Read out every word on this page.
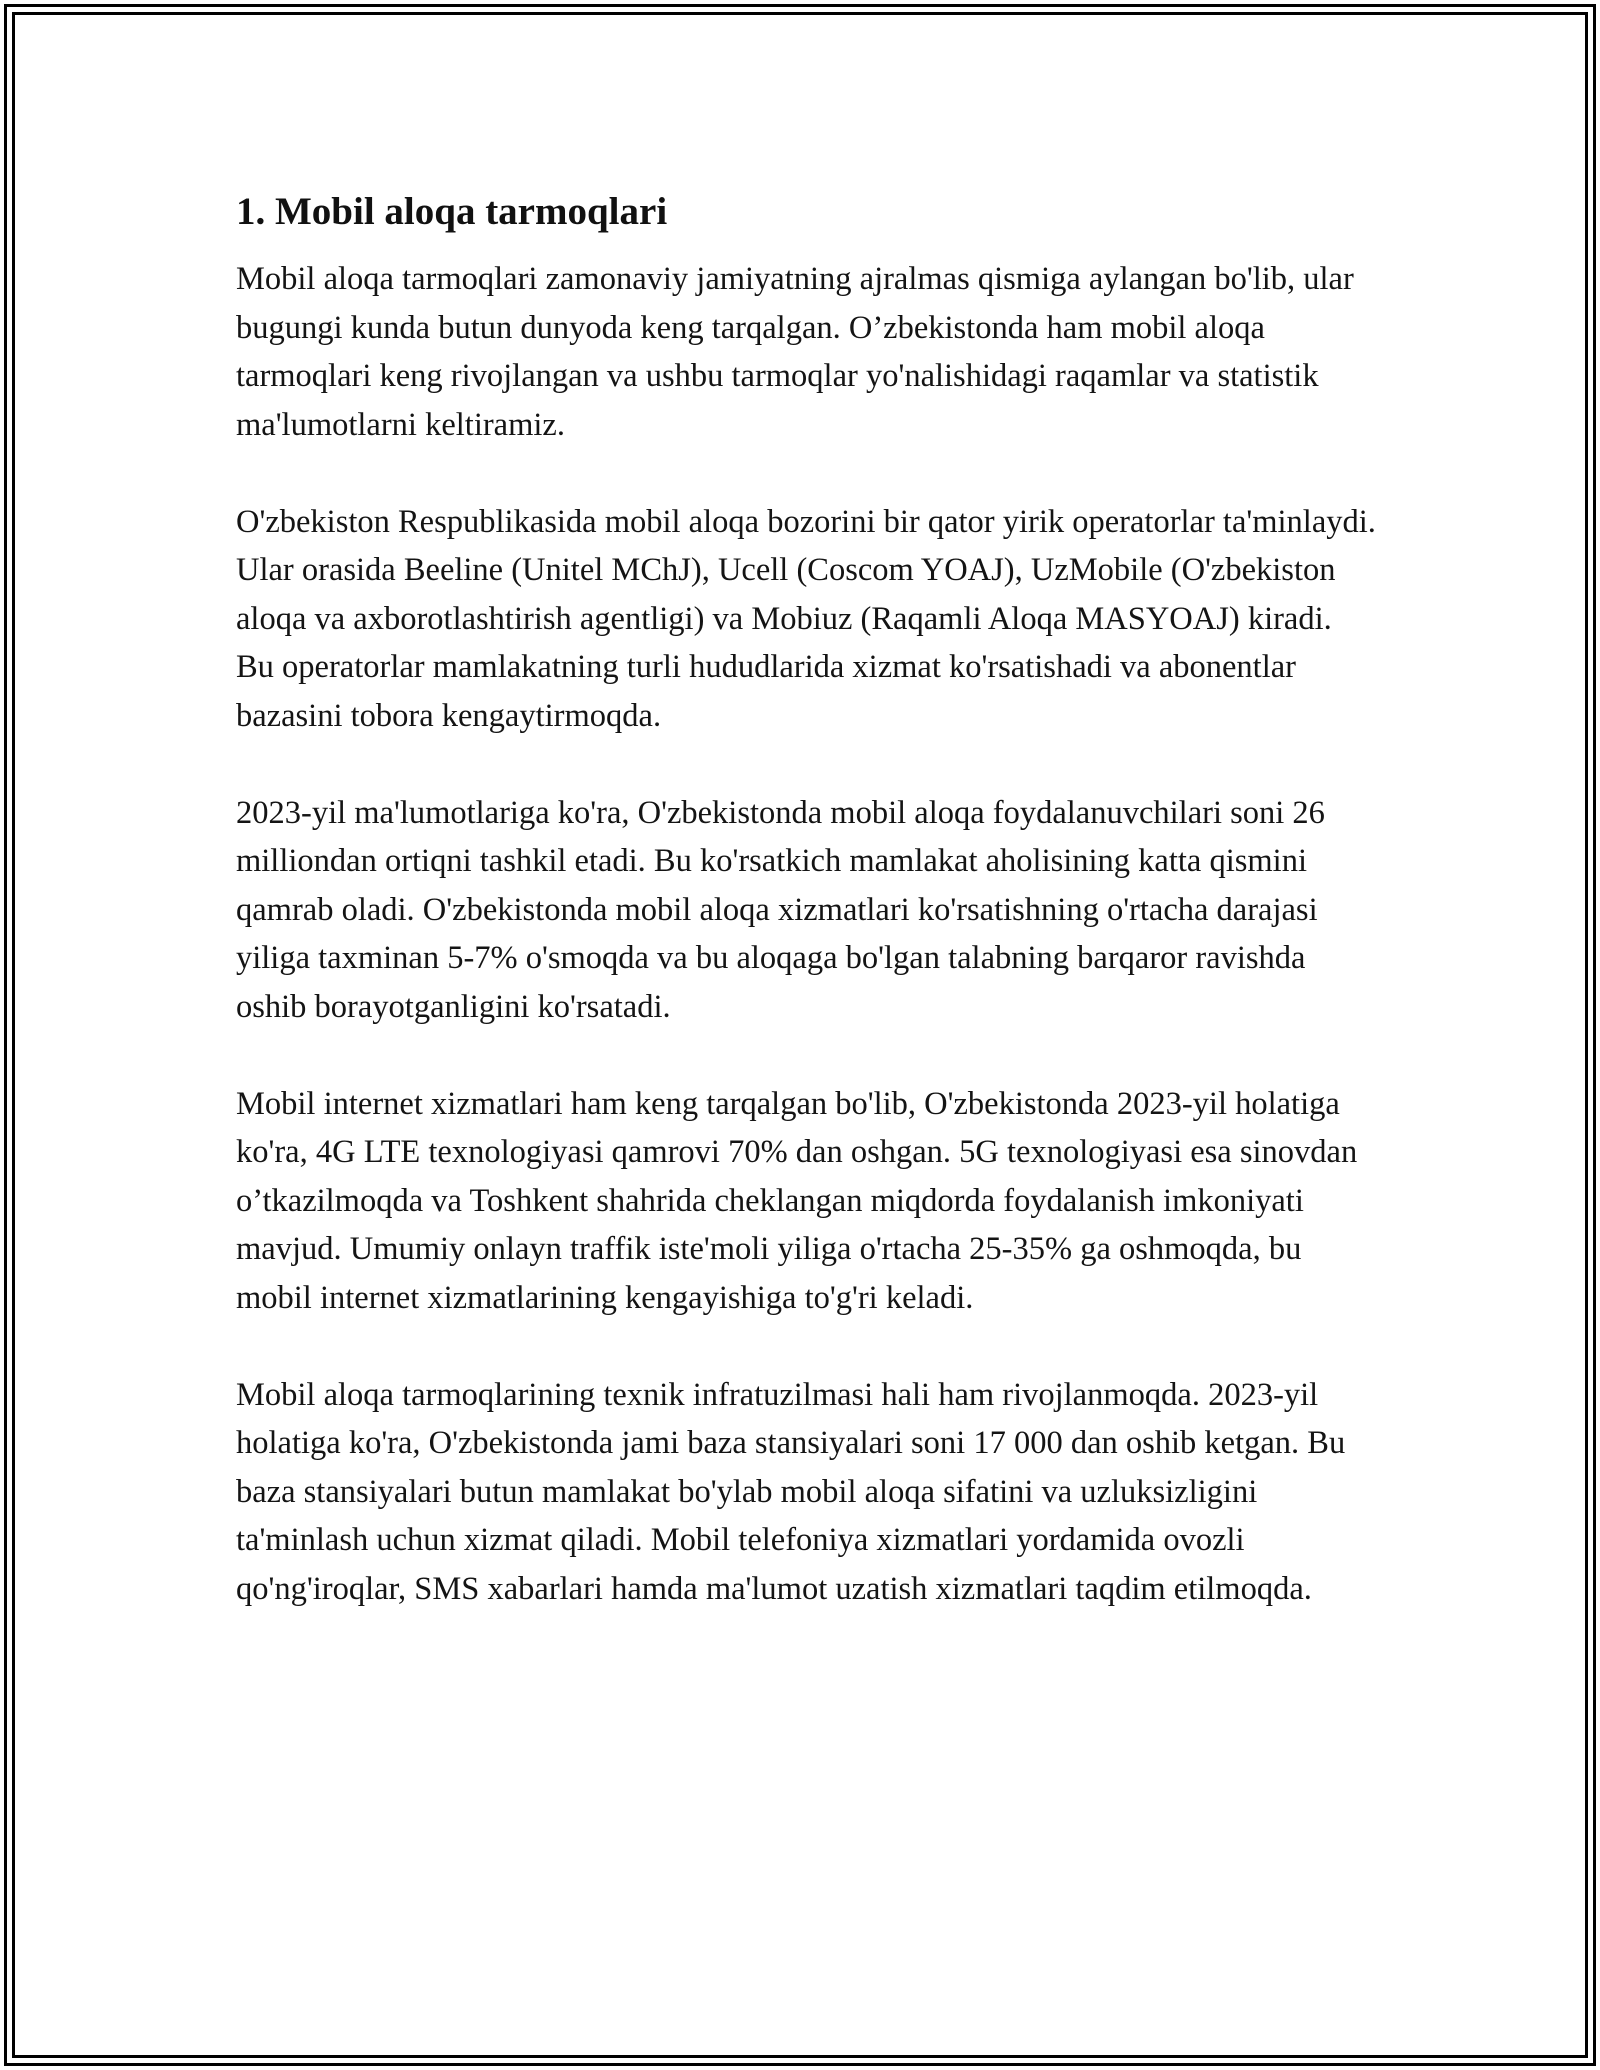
1. Mobil aloqa tarmoqlari

Mobil aloqa tarmoqlari zamonaviy jamiyatning ajralmas qismiga aylangan bo'lib, ular bugungi kunda butun dunyoda keng tarqalgan. O’zbekistonda ham mobil aloqa tarmoqlari keng rivojlangan va ushbu tarmoqlar yo'nalishidagi raqamlar va statistik ma'lumotlarni keltiramiz.

O'zbekiston Respublikasida mobil aloqa bozorini bir qator yirik operatorlar ta'minlaydi. Ular orasida Beeline (Unitel MChJ), Ucell (Coscom YOAJ), UzMobile (O'zbekiston aloqa va axborotlashtirish agentligi) va Mobiuz (Raqamli Aloqa MASYOAJ) kiradi. Bu operatorlar mamlakatning turli hududlarida xizmat ko'rsatishadi va abonentlar bazasini tobora kengaytirmoqda.

2023-yil ma'lumotlariga ko'ra, O'zbekistonda mobil aloqa foydalanuvchilari soni 26 milliondan ortiqni tashkil etadi. Bu ko'rsatkich mamlakat aholisining katta qismini qamrab oladi. O'zbekistonda mobil aloqa xizmatlari ko'rsatishning o'rtacha darajasi yiliga taxminan 5-7% o'smoqda va bu aloqaga bo'lgan talabning barqaror ravishda oshib borayotganligini ko'rsatadi.

Mobil internet xizmatlari ham keng tarqalgan bo'lib, O'zbekistonda 2023-yil holatiga ko'ra, 4G LTE texnologiyasi qamrovi 70% dan oshgan. 5G texnologiyasi esa sinovdan o’tkazilmoqda va Toshkent shahrida cheklangan miqdorda foydalanish imkoniyati mavjud. Umumiy onlayn traffik iste'moli yiliga o'rtacha 25-35% ga oshmoqda, bu mobil internet xizmatlarining kengayishiga to'g'ri keladi.

Mobil aloqa tarmoqlarining texnik infratuzilmasi hali ham rivojlanmoqda. 2023-yil holatiga ko'ra, O'zbekistonda jami baza stansiyalari soni 17 000 dan oshib ketgan. Bu baza stansiyalari butun mamlakat bo'ylab mobil aloqa sifatini va uzluksizligini ta'minlash uchun xizmat qiladi. Mobil telefoniya xizmatlari yordamida ovozli qo'ng'iroqlar, SMS xabarlari hamda ma'lumot uzatish xizmatlari taqdim etilmoqda.
